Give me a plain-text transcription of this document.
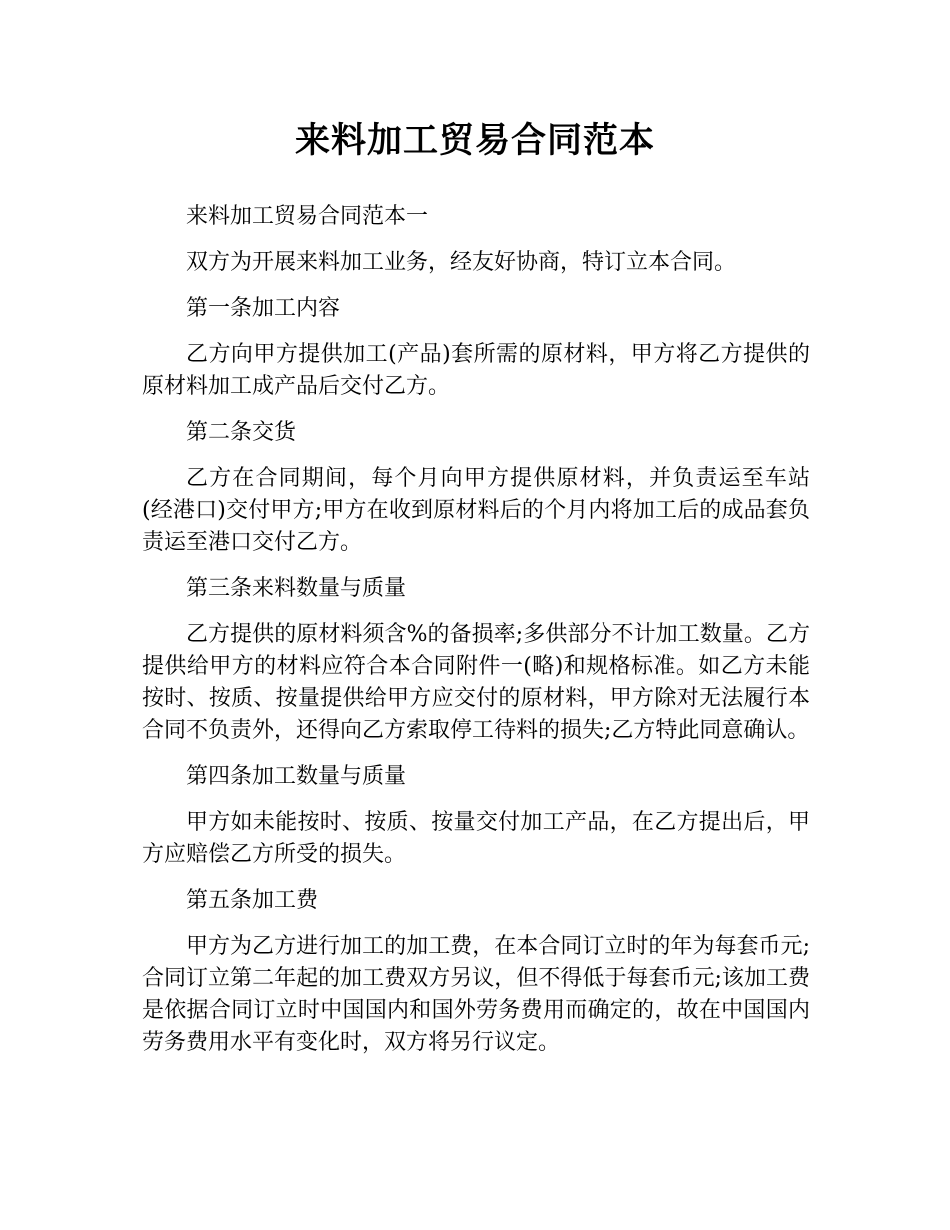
来料加工贸易合同范本

来料加工贸易合同范本一

双方为开展来料加工业务，经友好协商，特订立本合同。

第一条加工内容

乙方向甲方提供加工(产品)套所需的原材料，甲方将乙方提供的原材料加工成产品后交付乙方。

第二条交货

乙方在合同期间，每个月向甲方提供原材料，并负责运至车站(经港口)交付甲方;甲方在收到原材料后的个月内将加工后的成品套负责运至港口交付乙方。

第三条来料数量与质量

乙方提供的原材料须含%的备损率;多供部分不计加工数量。乙方提供给甲方的材料应符合本合同附件一(略)和规格标准。如乙方未能按时、按质、按量提供给甲方应交付的原材料，甲方除对无法履行本合同不负责外，还得向乙方索取停工待料的损失;乙方特此同意确认。

第四条加工数量与质量

甲方如未能按时、按质、按量交付加工产品，在乙方提出后，甲方应赔偿乙方所受的损失。

第五条加工费

甲方为乙方进行加工的加工费，在本合同订立时的年为每套币元;合同订立第二年起的加工费双方另议，但不得低于每套币元;该加工费是依据合同订立时中国国内和国外劳务费用而确定的，故在中国国内劳务费用水平有变化时，双方将另行议定。
